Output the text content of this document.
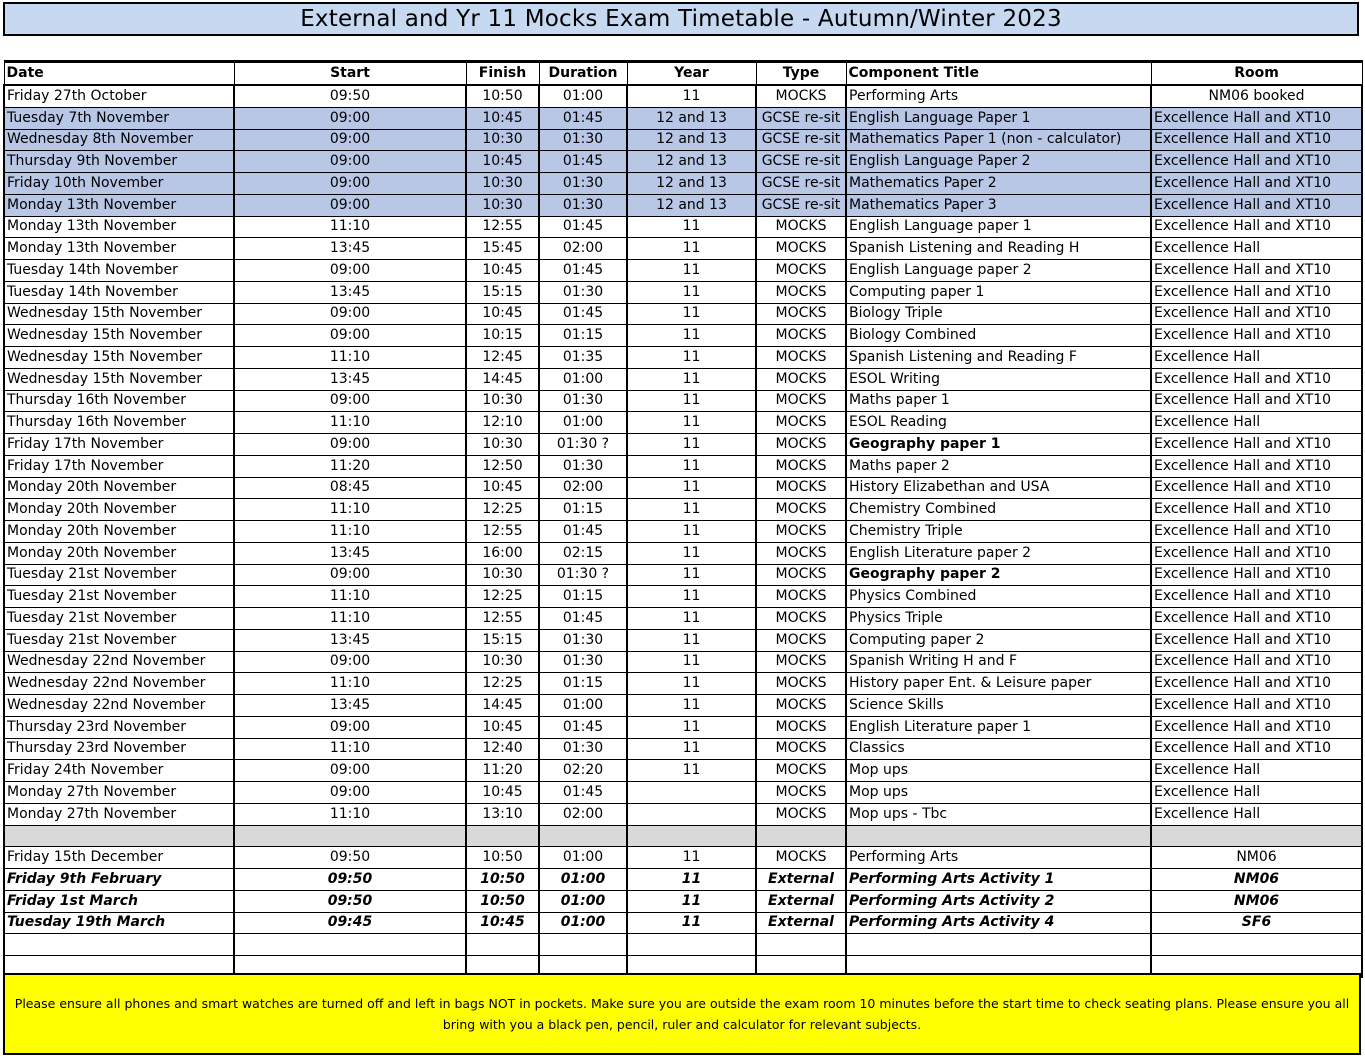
External and Yr 11 Mocks Exam Timetable - Autumn/Winter 2023
Date	Start	Finish	Duration	Year	Type	Component Title	Room
Friday 27th October	09:50	10:50	01:00	11	MOCKS	Performing Arts	NM06 booked
Tuesday 7th November	09:00	10:45	01:45	12 and 13	GCSE re-sit	English Language Paper 1	Excellence Hall and XT10
Wednesday 8th November	09:00	10:30	01:30	12 and 13	GCSE re-sit	Mathematics Paper 1 (non - calculator)	Excellence Hall and XT10
Thursday 9th November	09:00	10:45	01:45	12 and 13	GCSE re-sit	English Language Paper 2	Excellence Hall and XT10
Friday 10th November	09:00	10:30	01:30	12 and 13	GCSE re-sit	Mathematics Paper 2	Excellence Hall and XT10
Monday 13th November	09:00	10:30	01:30	12 and 13	GCSE re-sit	Mathematics Paper 3	Excellence Hall and XT10
Monday 13th November	11:10	12:55	01:45	11	MOCKS	English Language paper 1	Excellence Hall and XT10
Monday 13th November	13:45	15:45	02:00	11	MOCKS	Spanish Listening and Reading H	Excellence Hall
Tuesday 14th November	09:00	10:45	01:45	11	MOCKS	English Language paper 2	Excellence Hall and XT10
Tuesday 14th November	13:45	15:15	01:30	11	MOCKS	Computing paper 1	Excellence Hall and XT10
Wednesday 15th November	09:00	10:45	01:45	11	MOCKS	Biology Triple	Excellence Hall and XT10
Wednesday 15th November	09:00	10:15	01:15	11	MOCKS	Biology Combined	Excellence Hall and XT10
Wednesday 15th November	11:10	12:45	01:35	11	MOCKS	Spanish Listening and Reading F	Excellence Hall
Wednesday 15th November	13:45	14:45	01:00	11	MOCKS	ESOL Writing	Excellence Hall and XT10
Thursday 16th November	09:00	10:30	01:30	11	MOCKS	Maths paper 1	Excellence Hall and XT10
Thursday 16th November	11:10	12:10	01:00	11	MOCKS	ESOL Reading	Excellence Hall
Friday 17th November	09:00	10:30	01:30 ?	11	MOCKS	Geography paper 1	Excellence Hall and XT10
Friday 17th November	11:20	12:50	01:30	11	MOCKS	Maths paper 2	Excellence Hall and XT10
Monday 20th November	08:45	10:45	02:00	11	MOCKS	History Elizabethan and USA	Excellence Hall and XT10
Monday 20th November	11:10	12:25	01:15	11	MOCKS	Chemistry Combined	Excellence Hall and XT10
Monday 20th November	11:10	12:55	01:45	11	MOCKS	Chemistry Triple	Excellence Hall and XT10
Monday 20th November	13:45	16:00	02:15	11	MOCKS	English Literature paper 2	Excellence Hall and XT10
Tuesday 21st November	09:00	10:30	01:30 ?	11	MOCKS	Geography paper 2	Excellence Hall and XT10
Tuesday 21st November	11:10	12:25	01:15	11	MOCKS	Physics Combined	Excellence Hall and XT10
Tuesday 21st November	11:10	12:55	01:45	11	MOCKS	Physics Triple	Excellence Hall and XT10
Tuesday 21st November	13:45	15:15	01:30	11	MOCKS	Computing paper 2	Excellence Hall and XT10
Wednesday 22nd November	09:00	10:30	01:30	11	MOCKS	Spanish Writing H and F	Excellence Hall and XT10
Wednesday 22nd November	11:10	12:25	01:15	11	MOCKS	History paper Ent. & Leisure paper	Excellence Hall and XT10
Wednesday 22nd November	13:45	14:45	01:00	11	MOCKS	Science Skills	Excellence Hall and XT10
Thursday 23rd November	09:00	10:45	01:45	11	MOCKS	English Literature paper 1	Excellence Hall and XT10
Thursday 23rd November	11:10	12:40	01:30	11	MOCKS	Classics	Excellence Hall and XT10
Friday 24th November	09:00	11:20	02:20	11	MOCKS	Mop ups	Excellence Hall
Monday 27th November	09:00	10:45	01:45		MOCKS	Mop ups	Excellence Hall
Monday 27th November	11:10	13:10	02:00		MOCKS	Mop ups - Tbc	Excellence Hall

Friday 15th December	09:50	10:50	01:00	11	MOCKS	Performing Arts	NM06
Friday 9th February	09:50	10:50	01:00	11	External	Performing Arts Activity 1	NM06
Friday 1st March	09:50	10:50	01:00	11	External	Performing Arts Activity 2	NM06
Tuesday 19th March	09:45	10:45	01:00	11	External	Performing Arts Activity 4	SF6

Please ensure all phones and smart watches are turned off and left in bags NOT in pockets. Make sure you are outside the exam room 10 minutes before the start time to check seating plans. Please ensure you all bring with you a black pen, pencil, ruler and calculator for relevant subjects.
